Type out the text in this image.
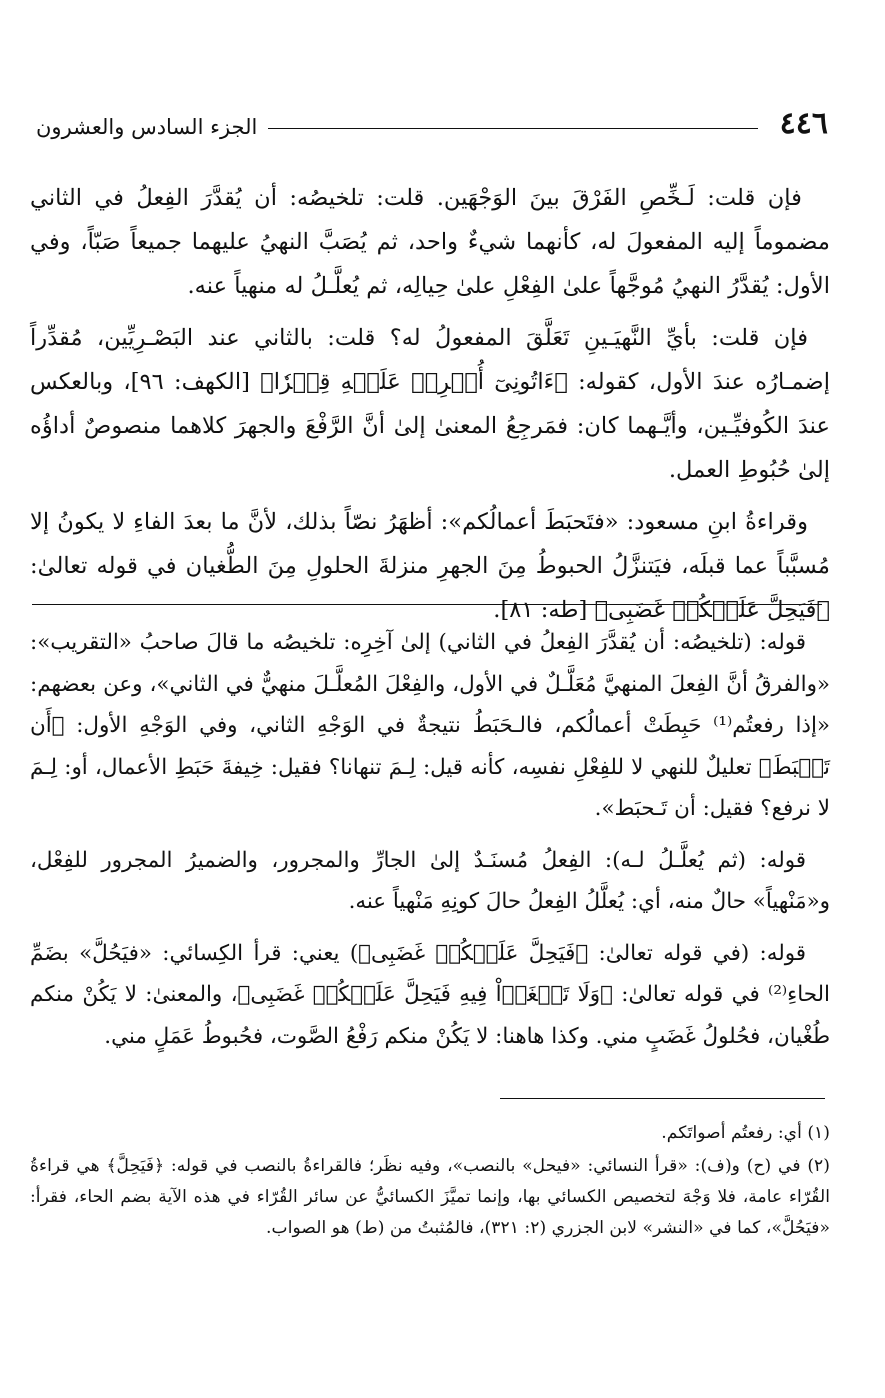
٤٤٦
الجزء السادس والعشرون

فإن قلت: لَـخِّصِ الفَرْقَ بينَ الوَجْهَين. قلت: تلخيصُه: أن يُقدَّرَ الفِعلُ في الثاني مضموماً إليه المفعولَ له، كأنهما شيءٌ واحد، ثم يُصَبَّ النهيُ عليهما جميعاً صَبّاً، وفي الأول: يُقدَّرُ النهيُ مُوجَّهاً علىٰ الفِعْلِ علىٰ حِيالِه، ثم يُعلَّـلُ له منهياً عنه.

فإن قلت: بأيِّ النَّهيَـينِ تَعَلَّقَ المفعولُ له؟ قلت: بالثاني عند البَصْـرِيِّين، مُقدِّراً إضمـارُه عندَ الأول، كقوله: ﴿ءَاتُونِىٓ أُفۡرِغۡ عَلَيۡهِ قِطۡرٗا﴾ [الكهف: ٩٦]، وبالعكس عندَ الكُوفيِّـين، وأيَّـهما كان: فمَرجِعُ المعنىٰ إلىٰ أنَّ الرَّفْعَ والجهرَ كلاهما منصوصٌ أداؤُه إلىٰ حُبُوطِ العمل.

وقراءةُ ابنِ مسعود: «فتَحبَطَ أعمالُكم»: أظهَرُ نصّاً بذلك، لأنَّ ما بعدَ الفاءِ لا يكونُ إلا مُسبَّباً عما قبلَه، فيَتنزَّلُ الحبوطُ مِنَ الجهرِ منزلةَ الحلولِ مِنَ الطُّغيان في قوله تعالىٰ: ﴿فَيَحِلَّ عَلَيۡكُمۡ غَضَبِى﴾ [طه: ٨١].

قوله: (تلخيصُه: أن يُقدَّرَ الفِعلُ في الثاني) إلىٰ آخِرِه: تلخيصُه ما قالَ صاحبُ «التقريب»: «والفرقُ أنَّ الفِعلَ المنهيَّ مُعَلَّـلٌ في الأول، والفِعْلَ المُعلَّـلَ منهيٌّ في الثاني»، وعن بعضهم: «إذا رفعتُم⁽¹⁾ حَبِطَتْ أعمالُكم، فالـحَبَطُ نتيجةٌ في الوَجْهِ الثاني، وفي الوَجْهِ الأول: ﴿أَن تَحۡبَطَ﴾ تعليلٌ للنهي لا للفِعْلِ نفسِه، كأنه قيل: لِـمَ تنهانا؟ فقيل: خِيفةَ حَبَطِ الأعمال، أو: لِـمَ لا نرفع؟ فقيل: أن تَـحبَط».

قوله: (ثم يُعلَّـلُ لـه): الفِعلُ مُسنَـدٌ إلىٰ الجارِّ والمجرور، والضميرُ المجرور للفِعْل، و«مَنْهياً» حالٌ منه، أي: يُعلَّلُ الفِعلُ حالَ كونِهِ مَنْهياً عنه.

قوله: (في قوله تعالىٰ: ﴿فَيَحِلَّ عَلَيۡكُمۡ غَضَبِى﴾) يعني: قرأ الكِسائي: «فيَحُلَّ» بضَمِّ الحاءِ⁽²⁾ في قوله تعالىٰ: ﴿وَلَا تَطۡغَوۡاْ فِيهِ فَيَحِلَّ عَلَيۡكُمۡ غَضَبِى﴾، والمعنىٰ: لا يَكُنْ منكم طُغْيان، فحُلولُ غَضَبٍ مني. وكذا هاهنا: لا يَكُنْ منكم رَفْعُ الصَّوت، فحُبوطُ عَمَلٍ مني.

(١) أي: رفعتُم أصواتَكم.

(٢) في (ح) و(ف): «قرأ النسائي: «فيحل» بالنصب»، وفيه نظَر؛ فالقراءةُ بالنصب في قوله: ﴿فَيَحِلَّ﴾ هي قراءةُ القُرّاء عامة، فلا وَجْهَ لتخصيص الكسائي بها، وإنما تميَّزَ الكسائيُّ عن سائر القُرّاء في هذه الآية بضم الحاء، فقرأ: «فيَحُلَّ»، كما في «النشر» لابن الجزري (٢: ٣٢١)، فالمُثبتُ من (ط) هو الصواب.
